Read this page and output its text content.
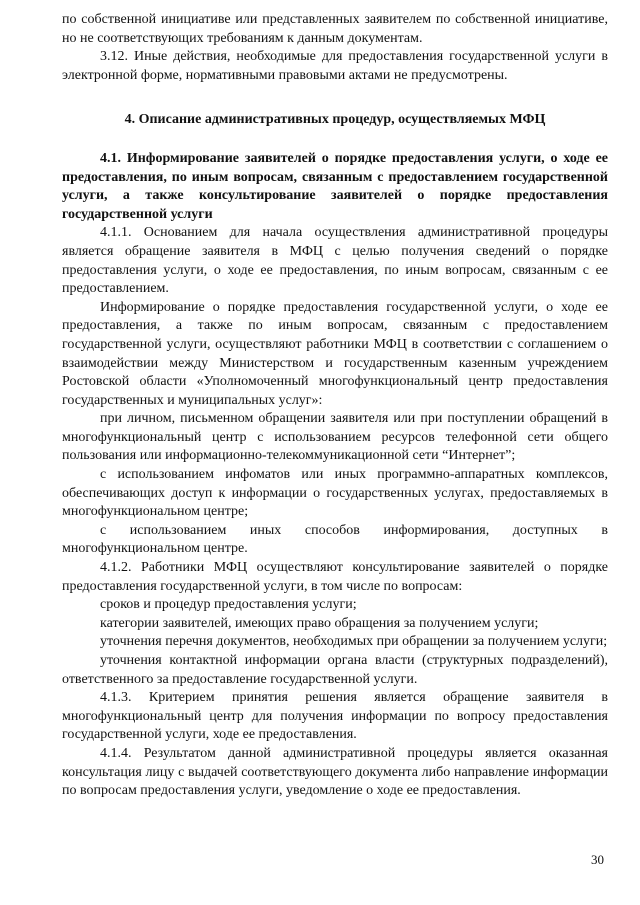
по собственной инициативе или представленных заявителем по собственной инициативе, но не соответствующих требованиям к данным документам.

3.12. Иные действия, необходимые для предоставления государственной услуги в электронной форме, нормативными правовыми актами не предусмотрены.

4. Описание административных процедур, осуществляемых МФЦ

4.1. Информирование заявителей о порядке предоставления услуги, о ходе ее предоставления, по иным вопросам, связанным с предоставлением государственной услуги, а также консультирование заявителей о порядке предоставления государственной услуги

4.1.1. Основанием для начала осуществления административной процедуры является обращение заявителя в МФЦ с целью получения сведений о порядке предоставления услуги, о ходе ее предоставления, по иным вопросам, связанным с ее предоставлением.

Информирование о порядке предоставления государственной услуги, о ходе ее предоставления, а также по иным вопросам, связанным с предоставлением государственной услуги, осуществляют работники МФЦ в соответствии с соглашением о взаимодействии между Министерством и государственным казенным учреждением Ростовской области «Уполномоченный многофункциональный центр предоставления государственных и муниципальных услуг»:

при личном, письменном обращении заявителя или при поступлении обращений в многофункциональный центр с использованием ресурсов телефонной сети общего пользования или информационно-телекоммуникационной сети “Интернет”;

с использованием инфоматов или иных программно-аппаратных комплексов, обеспечивающих доступ к информации о государственных услугах, предоставляемых в многофункциональном центре;

с использованием иных способов информирования, доступных в многофункциональном центре.

4.1.2. Работники МФЦ осуществляют консультирование заявителей о порядке предоставления государственной услуги, в том числе по вопросам:

сроков и процедур предоставления услуги;

категории заявителей, имеющих право обращения за получением услуги;

уточнения перечня документов, необходимых при обращении за получением услуги;

уточнения контактной информации органа власти (структурных подразделений), ответственного за предоставление государственной услуги.

4.1.3. Критерием принятия решения является обращение заявителя в многофункциональный центр для получения информации по вопросу предоставления государственной услуги, ходе ее предоставления.

4.1.4. Результатом данной административной процедуры является оказанная консультация лицу с выдачей соответствующего документа либо направление информации по вопросам предоставления услуги, уведомление о ходе ее предоставления.

30
